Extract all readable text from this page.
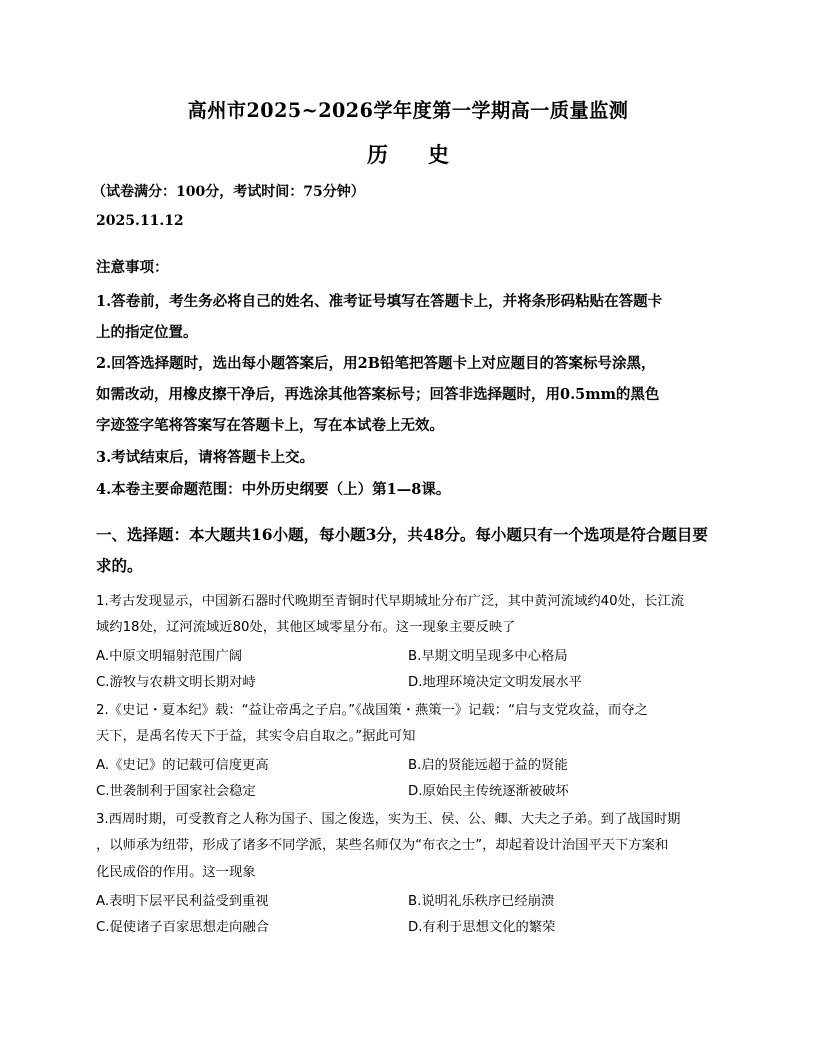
高州市2025~2026学年度第一学期高一质量监测
历 史
（试卷满分：100分，考试时间：75分钟）
2025.11.12
注意事项：
1.答卷前，考生务必将自己的姓名、准考证号填写在答题卡上，并将条形码粘贴在答题卡
上的指定位置。
2.回答选择题时，选出每小题答案后，用2B铅笔把答题卡上对应题目的答案标号涂黑，
如需改动，用橡皮擦干净后，再选涂其他答案标号；回答非选择题时，用0.5mm的黑色
字迹签字笔将答案写在答题卡上，写在本试卷上无效。
3.考试结束后，请将答题卡上交。
4.本卷主要命题范围：中外历史纲要（上）第1—8课。
一、选择题：本大题共16小题，每小题3分，共48分。每小题只有一个选项是符合题目要
求的。
1.考古发现显示，中国新石器时代晚期至青铜时代早期城址分布广泛，其中黄河流域约40处，长江流
域约18处，辽河流域近80处，其他区域零星分布。这一现象主要反映了
A.中原文明辐射范围广阔	B.早期文明呈现多中心格局
C.游牧与农耕文明长期对峙	D.地理环境决定文明发展水平
2.《史记・夏本纪》载：“益让帝禹之子启。”《战国策・燕策一》记载：“启与支党攻益，而夺之
天下，是禹名传天下于益，其实令启自取之。”据此可知
A.《史记》的记载可信度更高	B.启的贤能远超于益的贤能
C.世袭制利于国家社会稳定	D.原始民主传统逐渐被破坏
3.西周时期，可受教育之人称为国子、国之俊选，实为王、侯、公、卿、大夫之子弟。到了战国时期
，以师承为纽带，形成了诸多不同学派，某些名师仅为“布衣之士”，却起着设计治国平天下方案和
化民成俗的作用。这一现象
A.表明下层平民利益受到重视	B.说明礼乐秩序已经崩溃
C.促使诸子百家思想走向融合	D.有利于思想文化的繁荣
